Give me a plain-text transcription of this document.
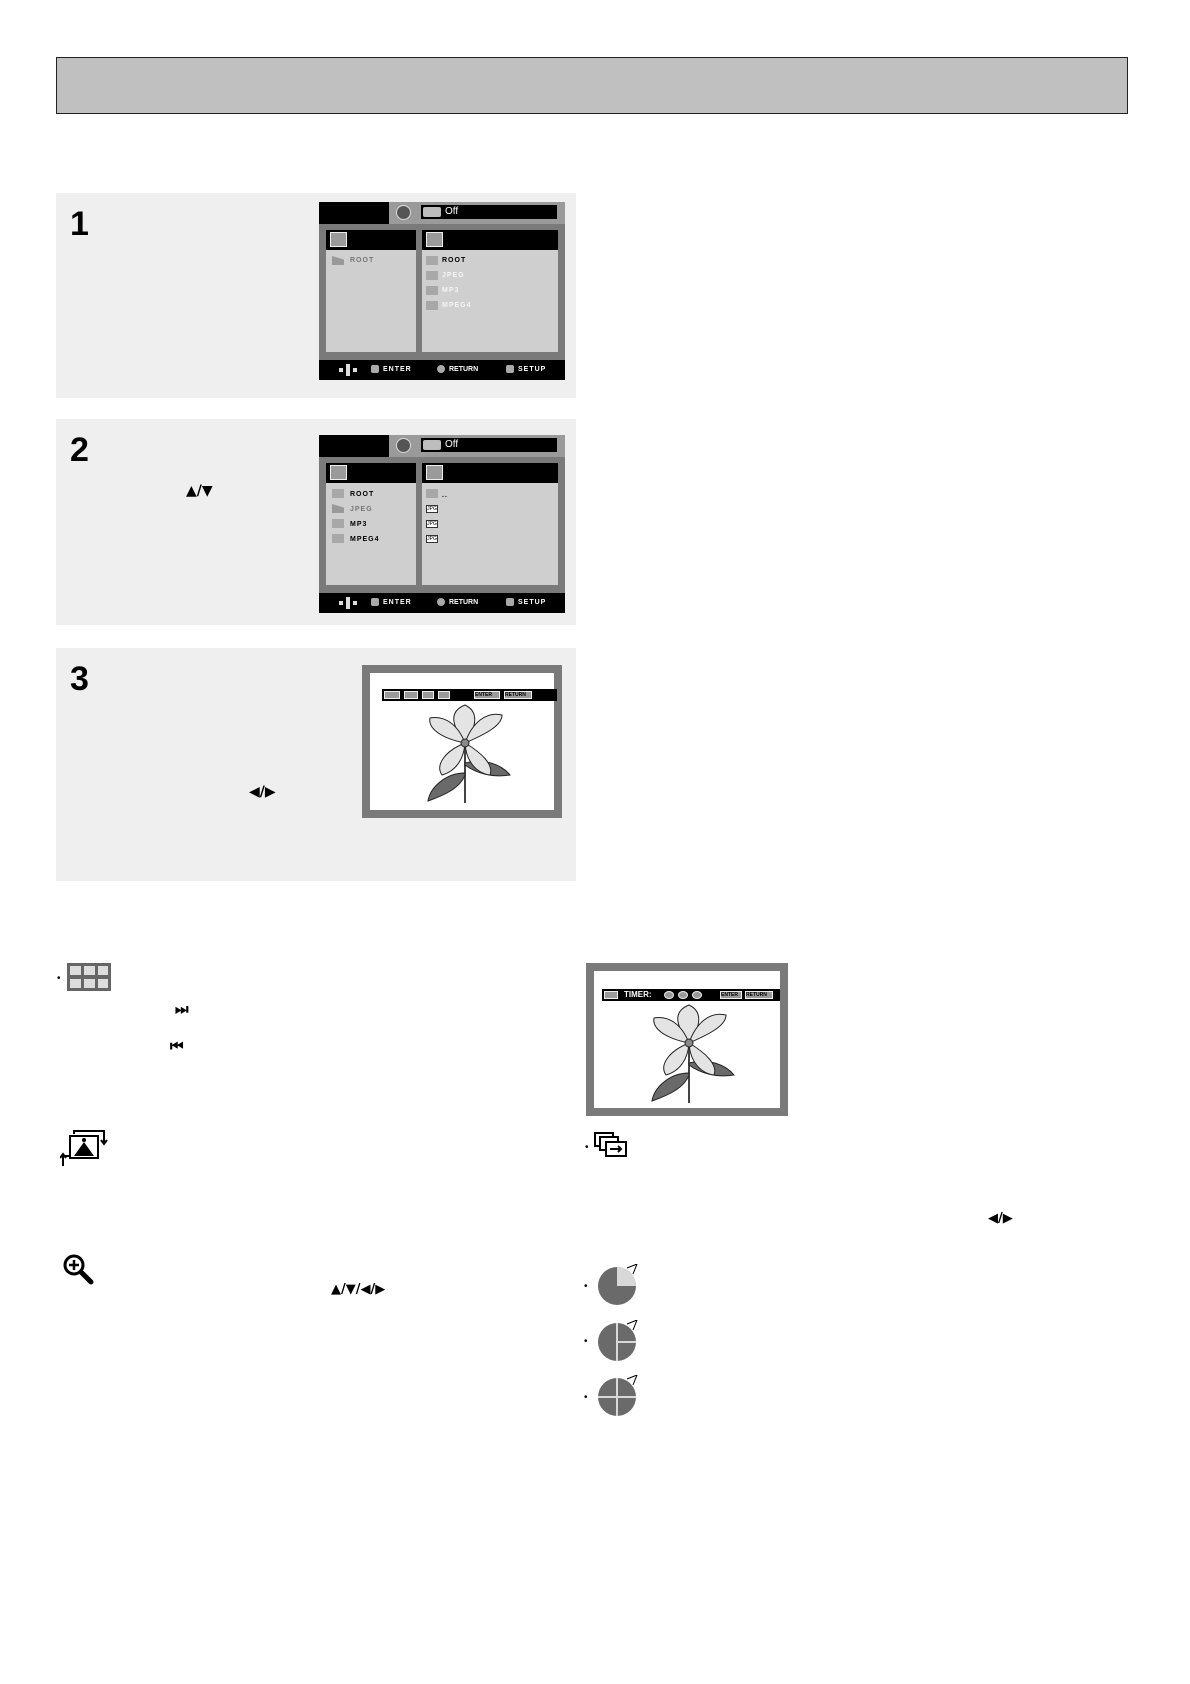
1	Off
ROOT	ROOT
JPEG
MP3
MPEG4
ENTER	RETURN	SETUP
2
▲/▼
Off
ROOT
JPEG
MP3
MPEG4
..
JPG
JPG
JPG
ENTER	RETURN	SETUP
3
◀/▶
ENTER	RETURN
•
⏭
⏮
▲/▼/◀/▶
TIMER:	ENTER RETURN
•
◀/▶
•
•
•
